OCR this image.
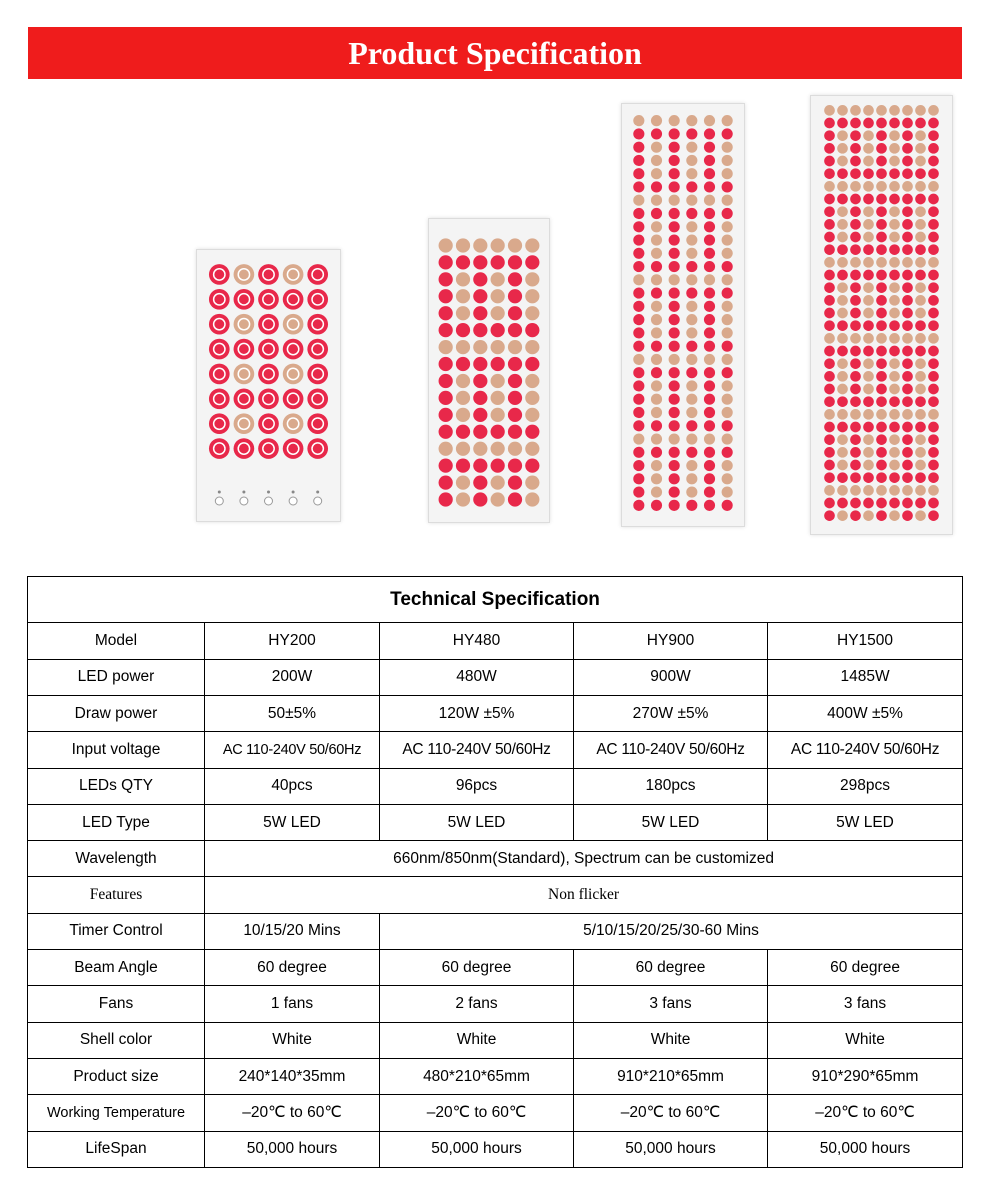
Product Specification
Technical Specification				
Model	HY200	HY480	HY900	HY1500
LED power	200W	480W	900W	1485W
Draw power	50±5%	120W ±5%	270W ±5%	400W ±5%
Input voltage	AC 110-240V 50/60Hz	AC 110-240V 50/60Hz	AC 110-240V 50/60Hz	AC 110-240V 50/60Hz
LEDs QTY	40pcs	96pcs	180pcs	298pcs
LED Type	5W LED	5W LED	5W LED	5W LED
Wavelength	660nm/850nm(Standard), Spectrum can be customized			
Features	Non flicker			
Timer Control	10/15/20 Mins	5/10/15/20/25/30-60 Mins		
Beam Angle	60 degree	60 degree	60 degree	60 degree
Fans	1 fans	2 fans	3 fans	3 fans
Shell color	White	White	White	White
Product size	240*140*35mm	480*210*65mm	910*210*65mm	910*290*65mm
Working Temperature	–20℃ to 60℃	–20℃ to 60℃	–20℃ to 60℃	–20℃ to 60℃
LifeSpan	50,000 hours	50,000 hours	50,000 hours	50,000 hours
